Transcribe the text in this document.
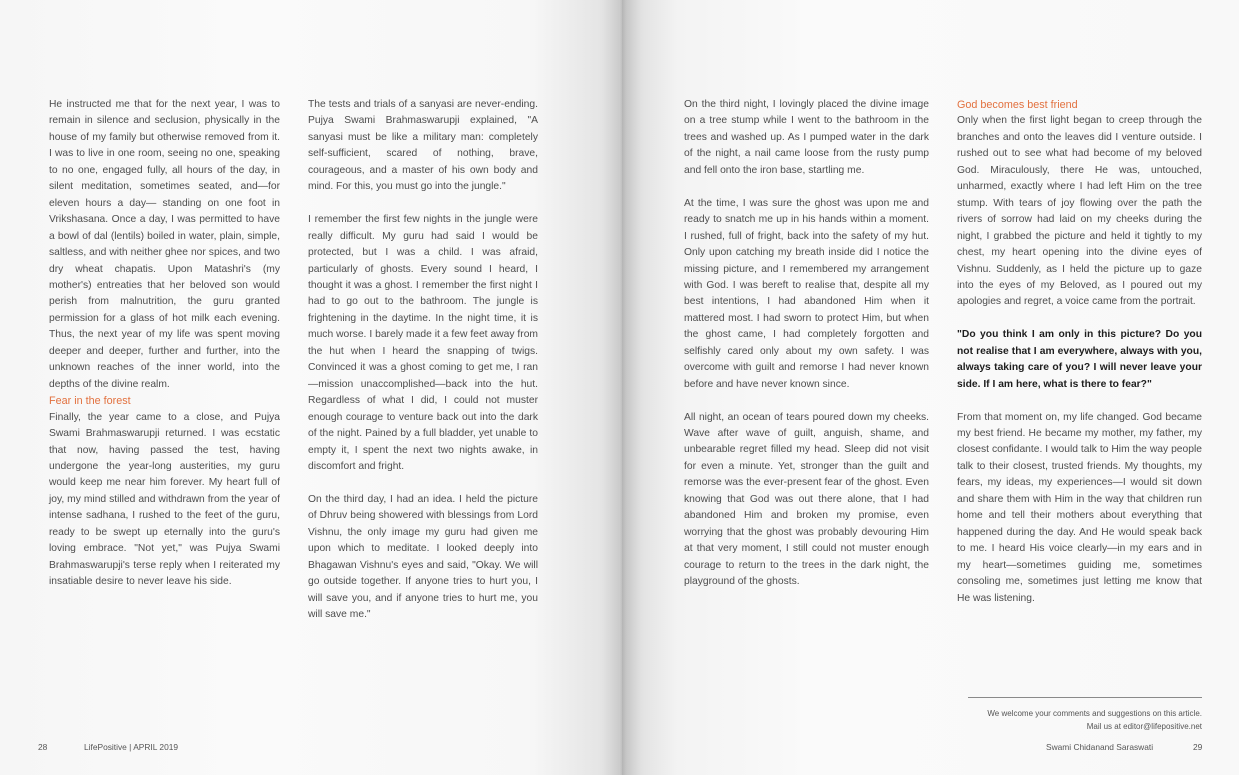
He instructed me that for the next year, I was to remain in silence and seclusion, physically in the house of my family but otherwise removed from it. I was to live in one room, seeing no one, speaking to no one, engaged fully, all hours of the day, in silent meditation, sometimes seated, and—for eleven hours a day— standing on one foot in Vrikshasana. Once a day, I was permitted to have a bowl of dal (lentils) boiled in water, plain, simple, saltless, and with neither ghee nor spices, and two dry wheat chapatis. Upon Matashri's (my mother's) entreaties that her beloved son would perish from malnutrition, the guru granted permission for a glass of hot milk each evening. Thus, the next year of my life was spent moving deeper and deeper, further and further, into the unknown reaches of the inner world, into the depths of the divine realm.

Fear in the forest

Finally, the year came to a close, and Pujya Swami Brahmaswarupji returned. I was ecstatic that now, having passed the test, having undergone the year-long austerities, my guru would keep me near him forever. My heart full of joy, my mind stilled and withdrawn from the year of intense sadhana, I rushed to the feet of the guru, ready to be swept up eternally into the guru's loving embrace. "Not yet," was Pujya Swami Brahmaswarupji's terse reply when I reiterated my insatiable desire to never leave his side.

The tests and trials of a sanyasi are never-ending. Pujya Swami Brahmaswarupji explained, "A sanyasi must be like a military man: completely self-sufficient, scared of nothing, brave, courageous, and a master of his own body and mind. For this, you must go into the jungle."

I remember the first few nights in the jungle were really difficult. My guru had said I would be protected, but I was a child. I was afraid, particularly of ghosts. Every sound I heard, I thought it was a ghost. I remember the first night I had to go out to the bathroom. The jungle is frightening in the daytime. In the night time, it is much worse. I barely made it a few feet away from the hut when I heard the snapping of twigs. Convinced it was a ghost coming to get me, I ran—mission unaccomplished—back into the hut. Regardless of what I did, I could not muster enough courage to venture back out into the dark of the night. Pained by a full bladder, yet unable to empty it, I spent the next two nights awake, in discomfort and fright.

On the third day, I had an idea. I held the picture of Dhruv being showered with blessings from Lord Vishnu, the only image my guru had given me upon which to meditate. I looked deeply into Bhagawan Vishnu's eyes and said, "Okay. We will go outside together. If anyone tries to hurt you, I will save you, and if anyone tries to hurt me, you will save me."

28	LifePositive | APRIL 2019

On the third night, I lovingly placed the divine image on a tree stump while I went to the bathroom in the trees and washed up. As I pumped water in the dark of the night, a nail came loose from the rusty pump and fell onto the iron base, startling me.

At the time, I was sure the ghost was upon me and ready to snatch me up in his hands within a moment. I rushed, full of fright, back into the safety of my hut. Only upon catching my breath inside did I notice the missing picture, and I remembered my arrangement with God. I was bereft to realise that, despite all my best intentions, I had abandoned Him when it mattered most. I had sworn to protect Him, but when the ghost came, I had completely forgotten and selfishly cared only about my own safety. I was overcome with guilt and remorse I had never known before and have never known since.

All night, an ocean of tears poured down my cheeks. Wave after wave of guilt, anguish, shame, and unbearable regret filled my head. Sleep did not visit for even a minute. Yet, stronger than the guilt and remorse was the ever-present fear of the ghost. Even knowing that God was out there alone, that I had abandoned Him and broken my promise, even worrying that the ghost was probably devouring Him at that very moment, I still could not muster enough courage to return to the trees in the dark night, the playground of the ghosts.

God becomes best friend

Only when the first light began to creep through the branches and onto the leaves did I venture outside. I rushed out to see what had become of my beloved God. Miraculously, there He was, untouched, unharmed, exactly where I had left Him on the tree stump. With tears of joy flowing over the path the rivers of sorrow had laid on my cheeks during the night, I grabbed the picture and held it tightly to my chest, my heart opening into the divine eyes of Vishnu. Suddenly, as I held the picture up to gaze into the eyes of my Beloved, as I poured out my apologies and regret, a voice came from the portrait.

"Do you think I am only in this picture? Do you not realise that I am everywhere, always with you, always taking care of you? I will never leave your side. If I am here, what is there to fear?"

From that moment on, my life changed. God became my best friend. He became my mother, my father, my closest confidante. I would talk to Him the way people talk to their closest, trusted friends. My thoughts, my fears, my ideas, my experiences—I would sit down and share them with Him in the way that children run home and tell their mothers about everything that happened during the day. And He would speak back to me. I heard His voice clearly—in my ears and in my heart—sometimes guiding me, sometimes consoling me, sometimes just letting me know that He was listening.

We welcome your comments and suggestions on this article.
Mail us at editor@lifepositive.net
Swami Chidanand Saraswati	29
